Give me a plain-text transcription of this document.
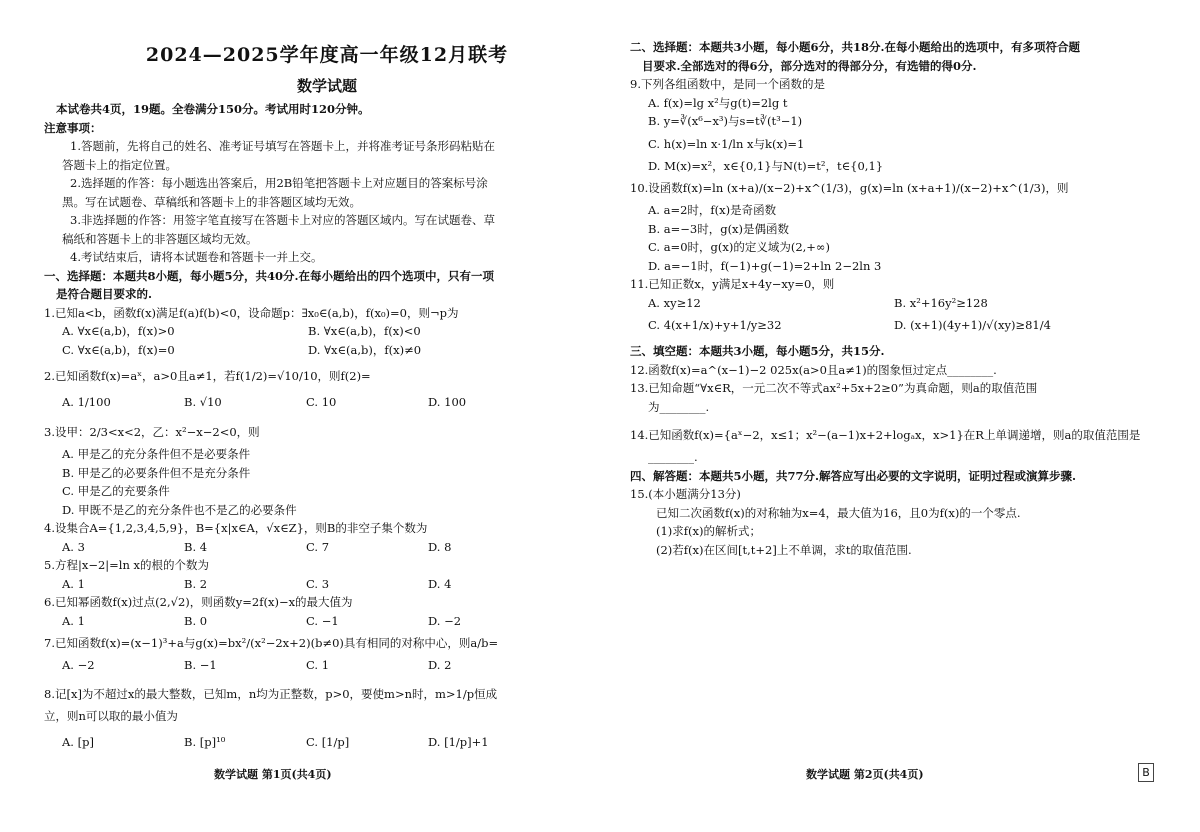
2024—2025学年度高一年级12月联考
数学试题
本试卷共4页，19题。全卷满分150分。考试用时120分钟。
注意事项：
1.答题前，先将自己的姓名、准考证号填写在答题卡上，并将准考证号条形码粘贴在
答题卡上的指定位置。
2.选择题的作答：每小题选出答案后，用2B铅笔把答题卡上对应题目的答案标号涂
黑。写在试题卷、草稿纸和答题卡上的非答题区域均无效。
3.非选择题的作答：用签字笔直接写在答题卡上对应的答题区域内。写在试题卷、草
稿纸和答题卡上的非答题区域均无效。
4.考试结束后，请将本试题卷和答题卡一并上交。
一、选择题：本题共8小题，每小题5分，共40分.在每小题给出的四个选项中，只有一项
是符合题目要求的.
1.已知a<b，函数f(x)满足f(a)f(b)<0，设命题p：∃x₀∈(a,b)，f(x₀)=0，则¬p为
A. ∀x∈(a,b)，f(x)>0	B. ∀x∈(a,b)，f(x)<0
C. ∀x∈(a,b)，f(x)=0	D. ∀x∈(a,b)，f(x)≠0
2.已知函数f(x)=aˣ，a>0且a≠1，若f(1/2)=√10/10，则f(2)=
A. 1/100	B. √10	C. 10	D. 100
3.设甲：2/3<x<2，乙：x²−x−2<0，则
A. 甲是乙的充分条件但不是必要条件
B. 甲是乙的必要条件但不是充分条件
C. 甲是乙的充要条件
D. 甲既不是乙的充分条件也不是乙的必要条件
4.设集合A={1,2,3,4,5,9}，B={x|x∈A，√x∈Z}，则B的非空子集个数为
A. 3	B. 4	C. 7	D. 8
5.方程|x−2|=ln x的根的个数为
A. 1	B. 2	C. 3	D. 4
6.已知幂函数f(x)过点(2,√2)，则函数y=2f(x)−x的最大值为
A. 1	B. 0	C. −1	D. −2
7.已知函数f(x)=(x−1)³+a与g(x)=bx²/(x²−2x+2)(b≠0)具有相同的对称中心，则a/b=
A. −2	B. −1	C. 1	D. 2
8.记[x]为不超过x的最大整数，已知m，n均为正整数，p>0，要使m>n时，m>1/p恒成
立，则n可以取的最小值为
A. [p]	B. [p]¹⁰	C. [1/p]	D. [1/p]+1
二、选择题：本题共3小题，每小题6分，共18分.在每小题给出的选项中，有多项符合题
目要求.全部选对的得6分，部分选对的得部分分，有选错的得0分.
9.下列各组函数中，是同一个函数的是
A. f(x)=lg x²与g(t)=2lg t
B. y=∛(x⁶−x³)与s=t∛(t³−1)
C. h(x)=ln x·1/ln x与k(x)=1
D. M(x)=x²，x∈{0,1}与N(t)=t²，t∈{0,1}
10.设函数f(x)=ln (x+a)/(x−2)+x^(1/3)，g(x)=ln (x+a+1)/(x−2)+x^(1/3)，则
A. a=2时，f(x)是奇函数
B. a=−3时，g(x)是偶函数
C. a=0时，g(x)的定义域为(2,+∞)
D. a=−1时，f(−1)+g(−1)=2+ln 2−2ln 3
11.已知正数x，y满足x+4y−xy=0，则
A. xy≥12	B. x²+16y²≥128
C. 4(x+1/x)+y+1/y≥32	D. (x+1)(4y+1)/√(xy)≥81/4
三、填空题：本题共3小题，每小题5分，共15分.
12.函数f(x)=a^(x−1)−2 025x(a>0且a≠1)的图象恒过定点________.
13.已知命题“∀x∈R，一元二次不等式ax²+5x+2≥0”为真命题，则a的取值范围
为________.
14.已知函数f(x)={aˣ−2，x≤1；x²−(a−1)x+2+logₐx，x>1}在R上单调递增，则a的取值范围是
________.
四、解答题：本题共5小题，共77分.解答应写出必要的文字说明，证明过程或演算步骤.
15.(本小题满分13分)
已知二次函数f(x)的对称轴为x=4，最大值为16，且0为f(x)的一个零点.
(1)求f(x)的解析式；
(2)若f(x)在区间[t,t+2]上不单调，求t的取值范围.
数学试题 第1页(共4页)	数学试题 第2页(共4页)	B
